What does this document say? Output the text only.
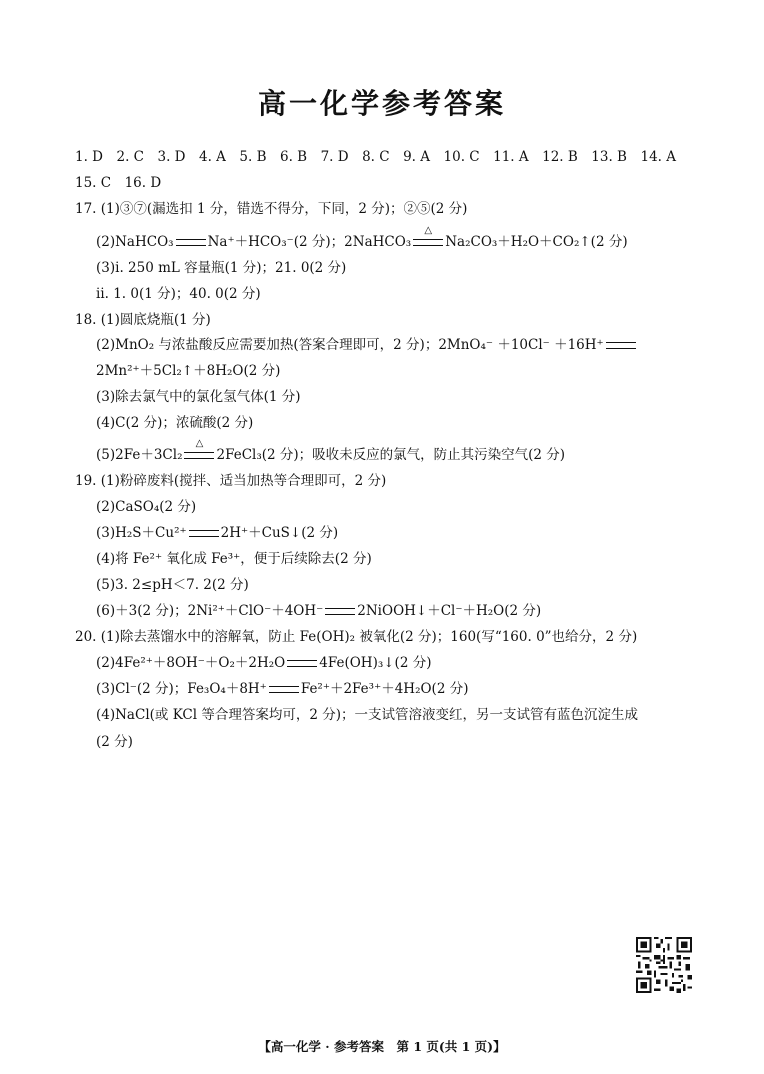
高一化学参考答案
1. D　2. C　3. D　4. A　5. B　6. B　7. D　8. C　9. A　10. C　11. A　12. B　13. B　14. A
15. C　16. D
17. (1)③⑦(漏选扣 1 分，错选不得分，下同，2 分)；②⑤(2 分)
(2)NaHCO₃	Na⁺＋HCO₃⁻(2 分)；2NaHCO₃
△
Na₂CO₃＋H₂O＋CO₂↑(2 分)
(3)ⅰ. 250 mL 容量瓶(1 分)；21. 0(2 分)
ⅱ. 1. 0(1 分)；40. 0(2 分)
18. (1)圆底烧瓶(1 分)
(2)MnO₂ 与浓盐酸反应需要加热(答案合理即可，2 分)；2MnO₄⁻ ＋10Cl⁻ ＋16H⁺
2Mn²⁺＋5Cl₂↑＋8H₂O(2 分)
(3)除去氯气中的氯化氢气体(1 分)
(4)C(2 分)；浓硫酸(2 分)
(5)2Fe＋3Cl₂
△
2FeCl₃(2 分)；吸收未反应的氯气，防止其污染空气(2 分)
19. (1)粉碎废料(搅拌、适当加热等合理即可，2 分)
(2)CaSO₄(2 分)
(3)H₂S＋Cu²⁺	2H⁺＋CuS↓(2 分)
(4)将 Fe²⁺ 氧化成 Fe³⁺，便于后续除去(2 分)
(5)3. 2≤pH＜7. 2(2 分)
(6)＋3(2 分)；2Ni²⁺＋ClO⁻＋4OH⁻	2NiOOH↓＋Cl⁻＋H₂O(2 分)
20. (1)除去蒸馏水中的溶解氧，防止 Fe(OH)₂ 被氧化(2 分)；160(写“160. 0”也给分，2 分)
(2)4Fe²⁺＋8OH⁻＋O₂＋2H₂O	4Fe(OH)₃↓(2 分)
(3)Cl⁻(2 分)；Fe₃O₄＋8H⁺	Fe²⁺＋2Fe³⁺＋4H₂O(2 分)
(4)NaCl(或 KCl 等合理答案均可，2 分)；一支试管溶液变红，另一支试管有蓝色沉淀生成
(2 分)
【高一化学 · 参考答案　第 1 页(共 1 页)】
